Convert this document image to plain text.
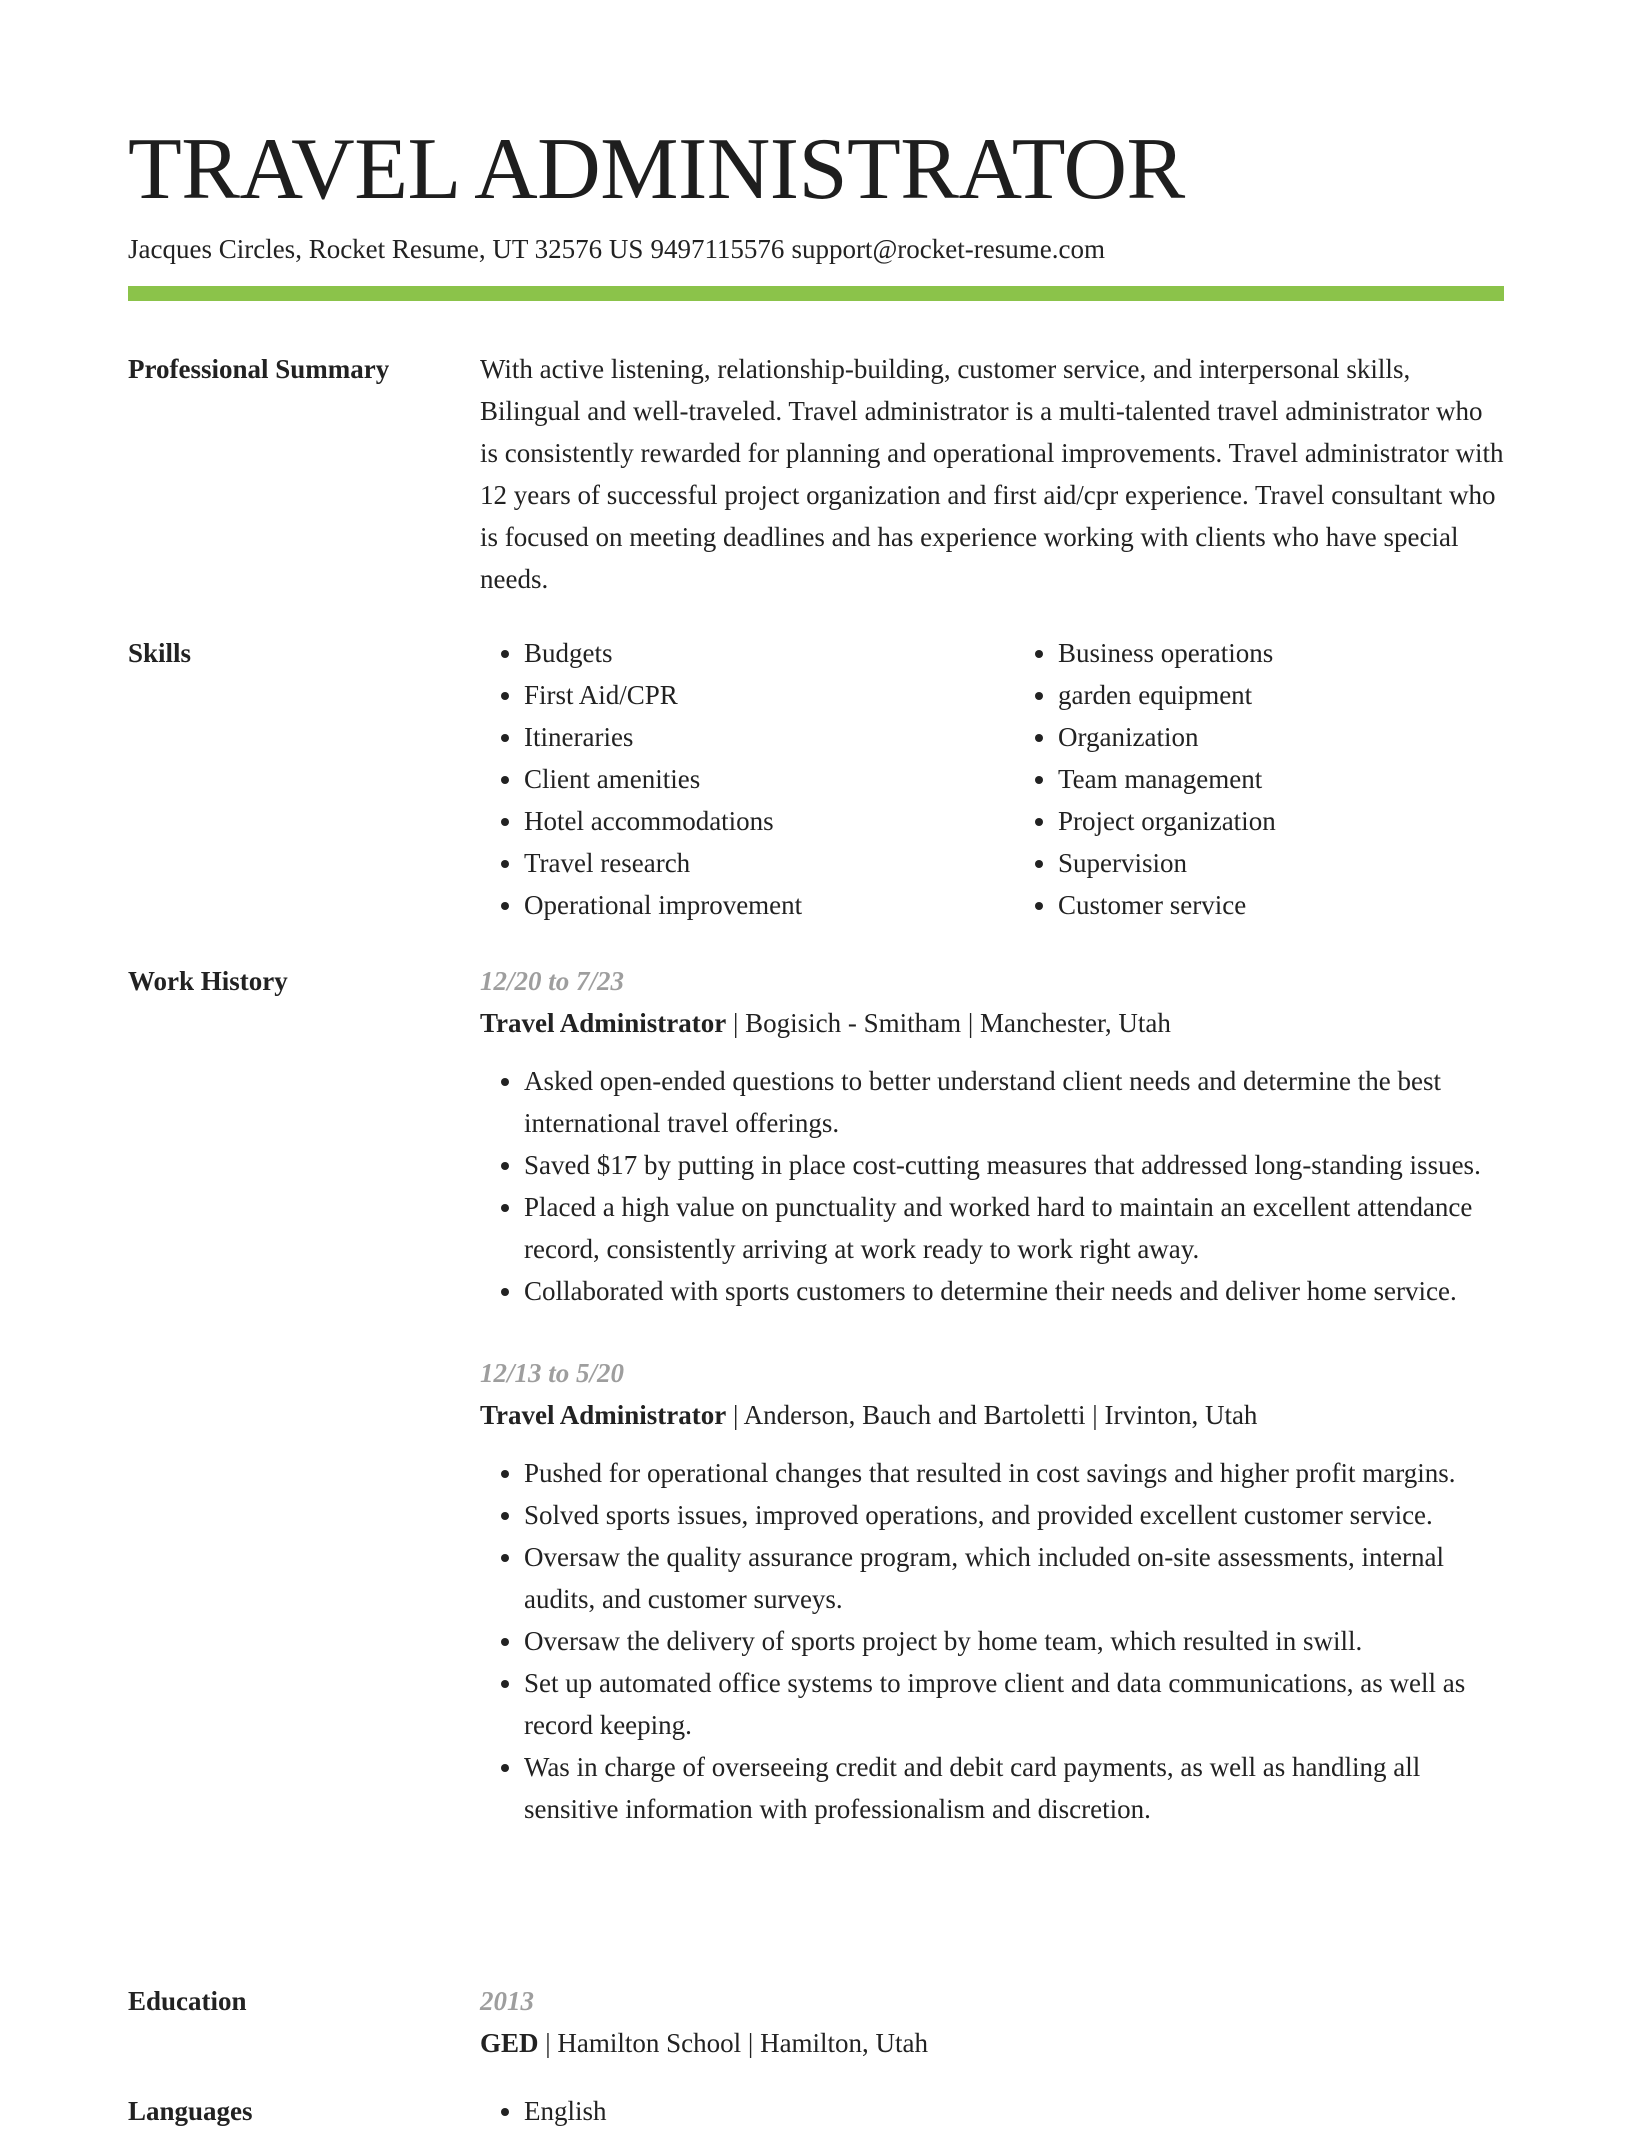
TRAVEL ADMINISTRATOR
Jacques Circles, Rocket Resume, UT 32576 US 9497115576 support@rocket-resume.com
Professional Summary	With active listening, relationship-building, customer service, and interpersonal skills, Bilingual and well-traveled. Travel administrator is a multi-talented travel administrator who is consistently rewarded for planning and operational improvements. Travel administrator with 12 years of successful project organization and first aid/cpr experience. Travel consultant who is focused on meeting deadlines and has experience working with clients who have special needs.

Skills	• Budgets
• First Aid/CPR
• Itineraries
• Client amenities
• Hotel accommodations
• Travel research
• Operational improvement
• Business operations
• garden equipment
• Organization
• Team management
• Project organization
• Supervision
• Customer service
Work History	12/20 to 7/23
Travel Administrator | Bogisich - Smitham | Manchester, Utah
• Asked open-ended questions to better understand client needs and determine the best international travel offerings.
• Saved $17 by putting in place cost-cutting measures that addressed long-standing issues.
• Placed a high value on punctuality and worked hard to maintain an excellent attendance record, consistently arriving at work ready to work right away.
• Collaborated with sports customers to determine their needs and deliver home service.
12/13 to 5/20
Travel Administrator | Anderson, Bauch and Bartoletti | Irvinton, Utah
• Pushed for operational changes that resulted in cost savings and higher profit margins.
• Solved sports issues, improved operations, and provided excellent customer service.
• Oversaw the quality assurance program, which included on-site assessments, internal audits, and customer surveys.
• Oversaw the delivery of sports project by home team, which resulted in swill.
• Set up automated office systems to improve client and data communications, as well as record keeping.
• Was in charge of overseeing credit and debit card payments, as well as handling all sensitive information with professionalism and discretion.
Education	2013
GED | Hamilton School | Hamilton, Utah
Languages	• English
